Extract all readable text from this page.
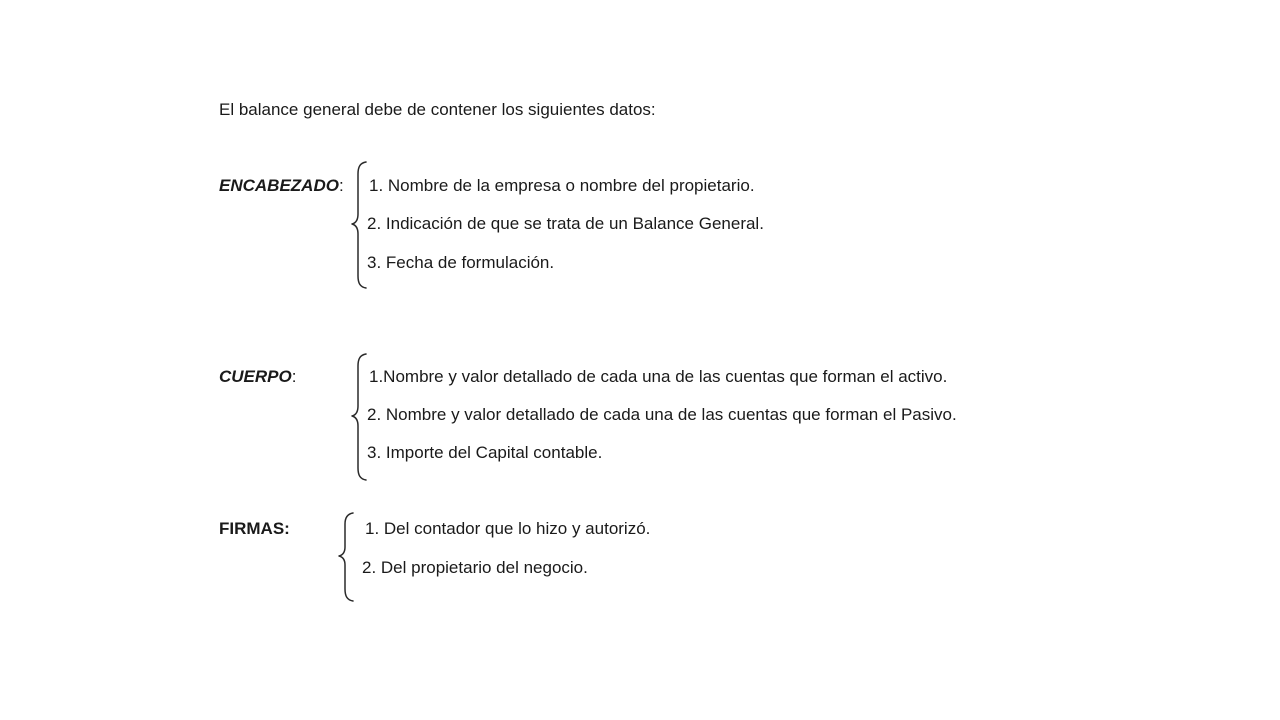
El balance general debe de contener los siguientes datos:
ENCABEZADO: 1. Nombre de la empresa o nombre del propietario.
2. Indicación de que se trata de un Balance General.
3. Fecha de formulación.
CUERPO:	1.Nombre y valor detallado de cada una de las cuentas que forman el activo.
2. Nombre y valor detallado de cada una de las cuentas que forman el Pasivo.
3. Importe del Capital contable.
FIRMAS:	1. Del contador que lo hizo y autorizó.
2. Del propietario del negocio.
